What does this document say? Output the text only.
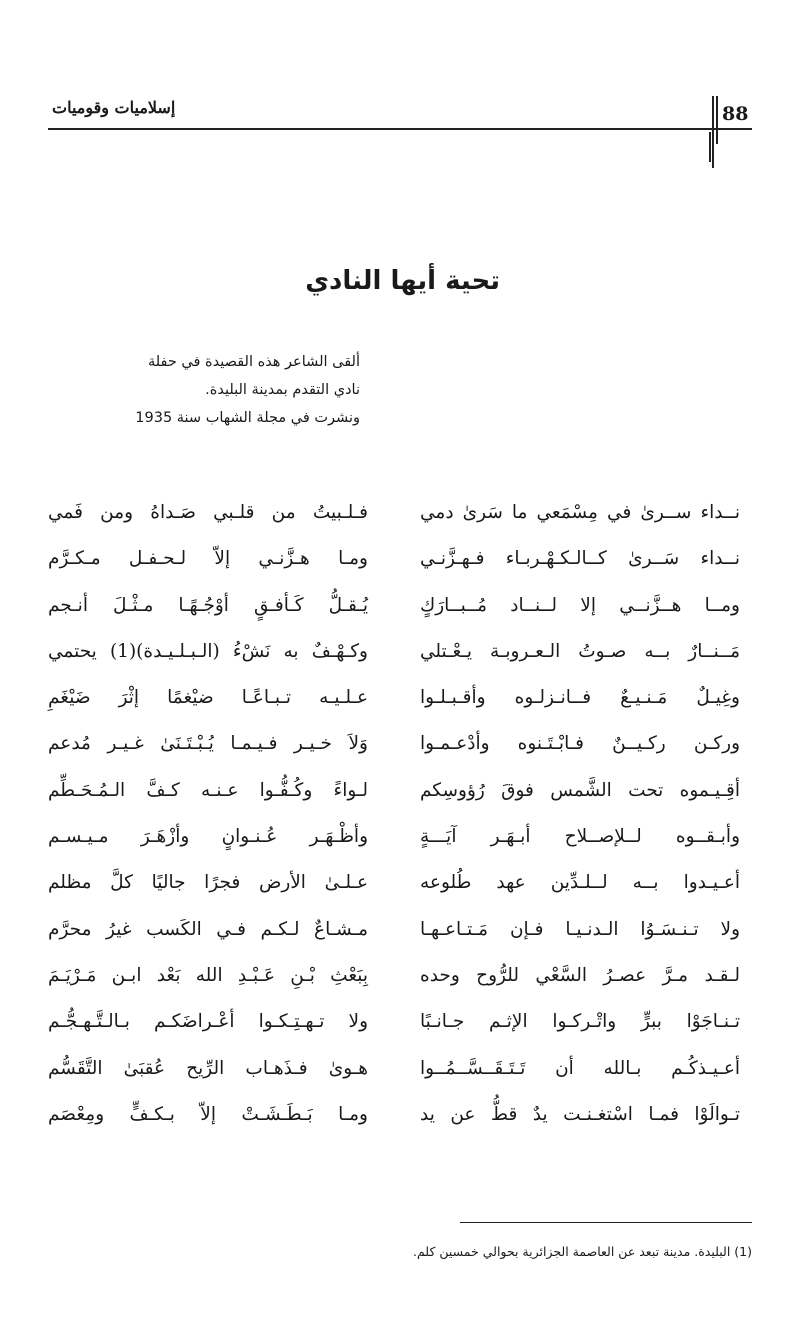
88
إسلاميات وقوميات
تحية أيها النادي
ألقى الشاعر هذه القصيدة في حفلة
نادي التقدم بمدينة البليدة.
ونشرت في مجلة الشهاب سنة 1935
نــداء ســرىٰ في مِسْمَعي ما سَرىٰ دمي
نــداء سَــرىٰ كــالـكـهْـربـاء فـهـزَّنـي
ومــا هــزَّنــي إلا لــنــاد مُــبــارَكٍ
مَــنــارٌ بــه صـوتُ الـعـروبـة يـعْـتلي
وغِيـلٌ مَـنـيـعٌ فــانـزلـوه وأقـبـلـوا
وركـن ركـيــنٌ فـابْـتَـنوه وأدْعـمـوا
أقِـيـموه تحت الشَّمس فوقَ رُؤوسِكم
وأبـقــوه لــلإصــلاح أبـهَـر آيَـــةٍ
أعـيـدوا بــه لــلـدِّين عهد طُلوعه
ولا تـنـسَـوُا الـدنـيـا فـإن مَـتـاعـهـا
لـقـد مـرَّ عصـرُ السَّعْي للرُّوح وحده
تـنـاجَوْا ببرٍّ واتْـركـوا الإثـم جـانـبًا
أعـيـذكُـم بـالله أن تَـتَـقَــسَّــمُــوا
تـوالَوْا فمـا اسْتغـنـت يدٌ قطُّ عن يد
فـلـبيتُ من قلـبي صَـداهُ ومن فَمي
ومـا هـزَّنـي إلاّ لـحـفـل مـكـرَّم
يُـقـلُّ كَـأفـقٍ أوْجُـهًـا مـثْـلَ أنـجم
وكـهْـفٌ به نَشْءُ (الـبـلـيـدة)(1) يحتمي
عـلـيـه تـبـاعًـا ضيْغمًا إثْرَ ضَيْغَمِ
وَلاَ خـيـر فـيـمـا يُـبْـتَـنَىٰ غـيـر مُدعم
لـواءً وكُـفُّـوا عـنـه كـفَّ الـمُـحَـطِّم
وأظْـهَـر عُـنـوانٍ وأزْهَـرَ مـيـسـم
عـلـىٰ الأرض فجرًا جاليًا كلَّ مظلم
مـشـاعٌ لـكـم فـي الكَسب غيرُ محرَّم
بِبَعْثِ بْـنِ عَـبْـدِ الله بَعْد ابـن مَـرْيَـمَ
ولا تـهـتِـكـوا أعْـراضَكـم بـالـتَّـهـجُّـم
هـوىٰ فـذَهـاب الرِّيح عُقبَىٰ التَّقَسُّم
ومـا بَـطَـشَـتْ إلاّ بـكـفٍّ ومِعْصَم
(1) البليدة. مدينة تبعد عن العاصمة الجزائرية بحوالي خمسين كلم.
